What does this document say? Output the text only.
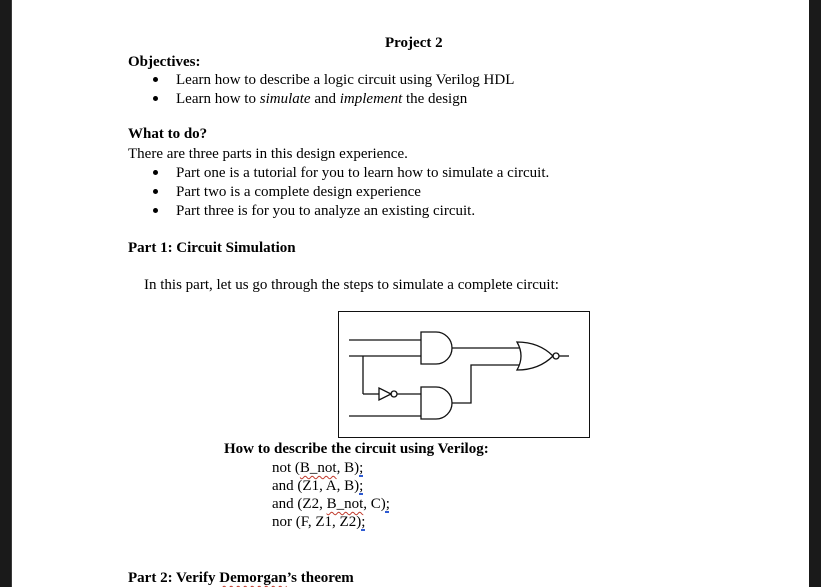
Project 2
Objectives:
Learn how to describe a logic circuit using Verilog HDL
Learn how to simulate and implement the design
What to do?
There are three parts in this design experience.
Part one is a tutorial for you to learn how to simulate a circuit.
Part two is a complete design experience
Part three is for you to analyze an existing circuit.
Part 1: Circuit Simulation
In this part, let us go through the steps to simulate a complete circuit:
How to describe the circuit using Verilog:
not (B_not, B);
and (Z1, A, B);
and (Z2, B_not, C);
nor (F, Z1, Z2);
Part 2: Verify Demorgan’s theorem
